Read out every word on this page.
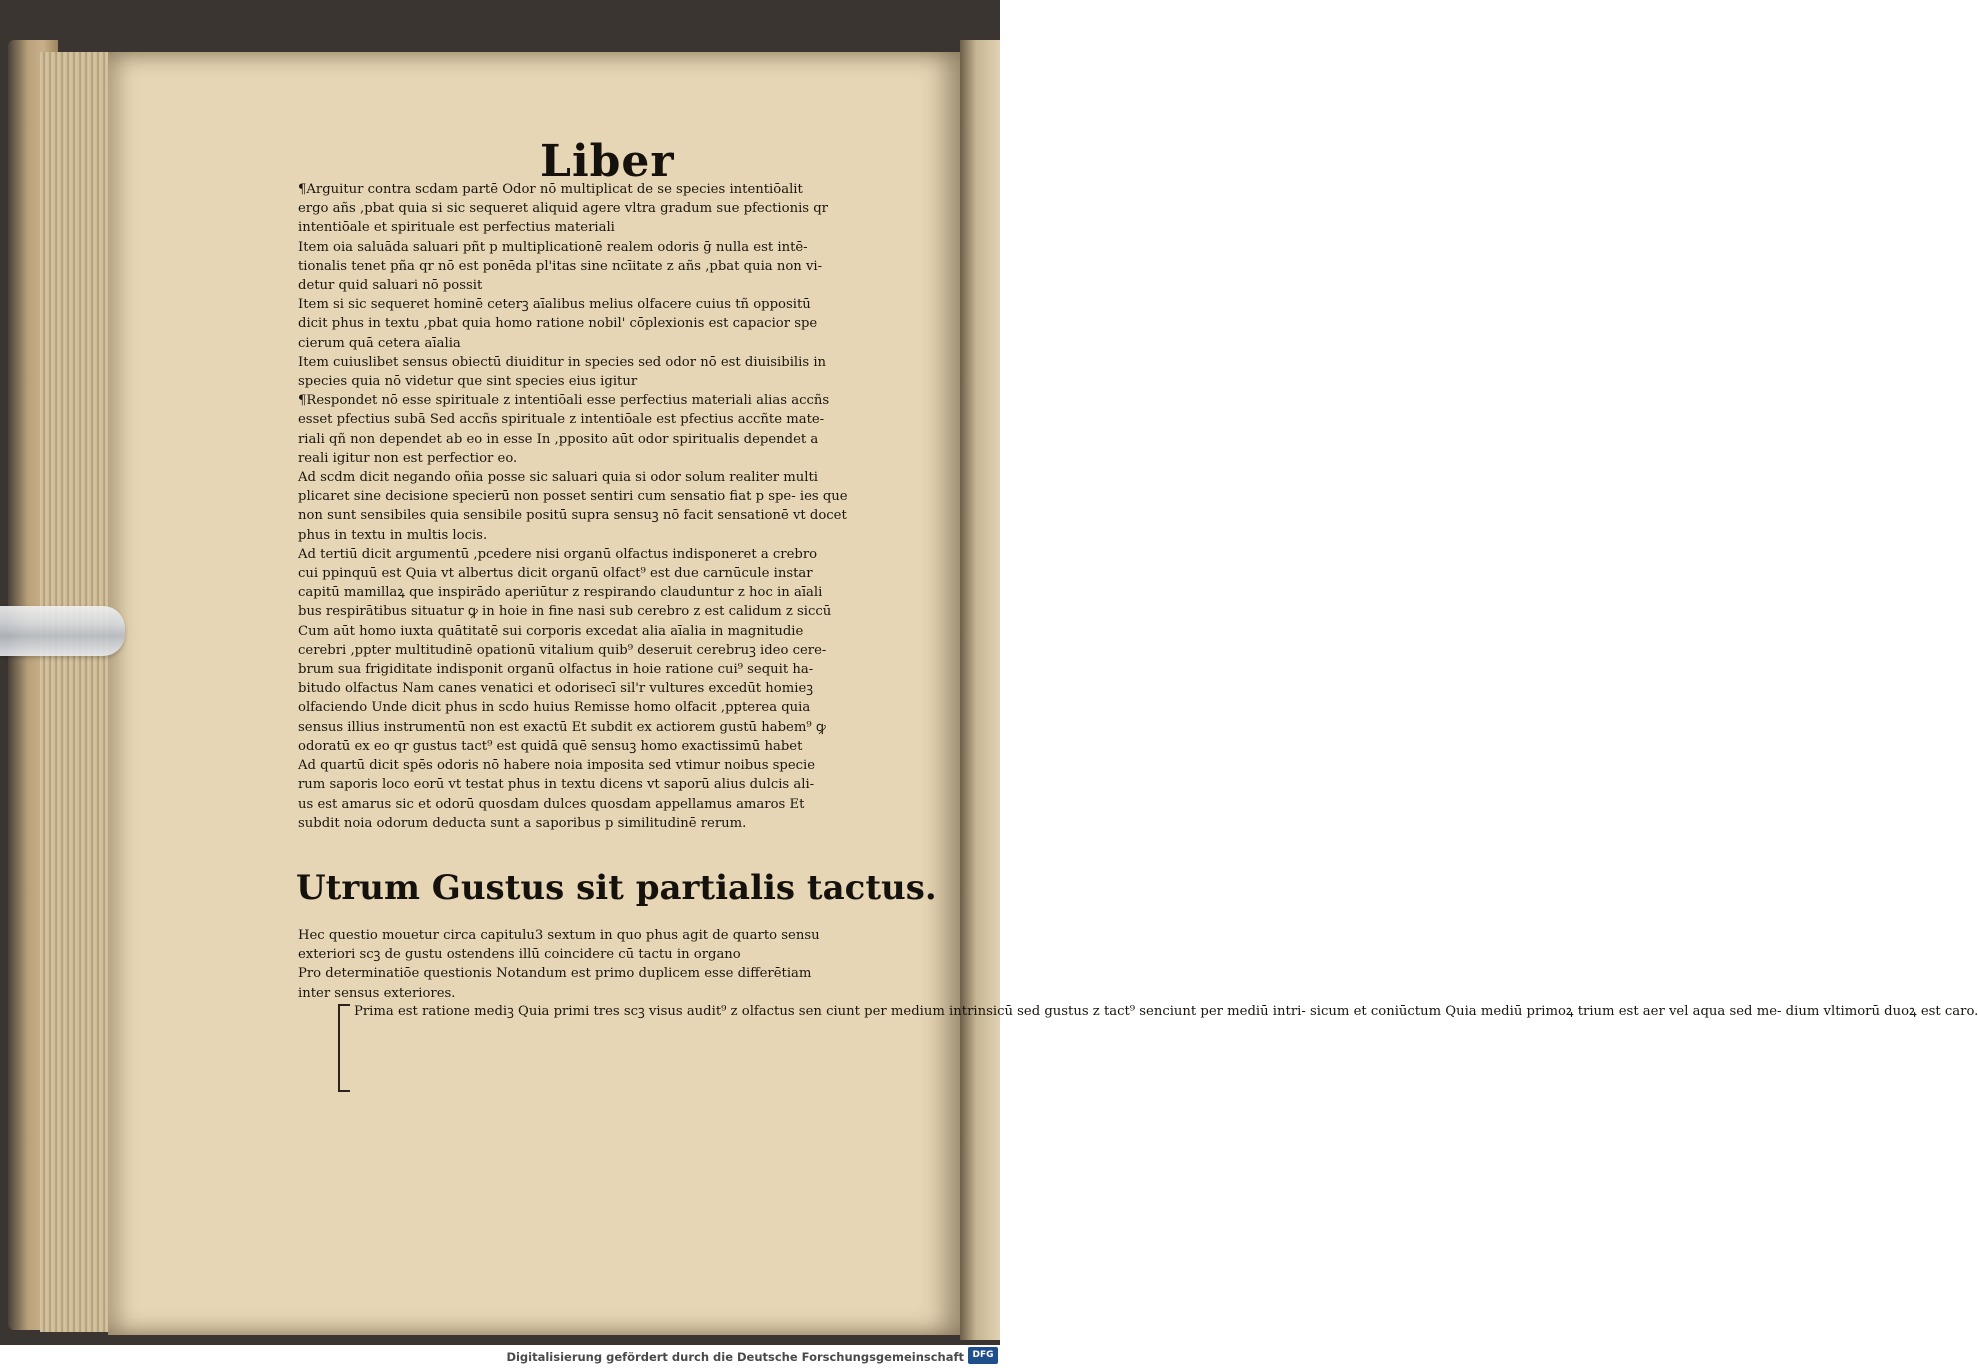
Liber
¶Arguitur contra scdam partē Odor nō multiplicat de se species intentiōalit
ergo añs ,pbat quia si sic sequeret aliquid agere vltra gradum sue pfectionis qr
intentiōale et spirituale est perfectius materiali
Item oia saluāda saluari pñt p multiplicationē realem odoris ḡ nulla est intē-
tionalis tenet pña qr nō est ponēda pl'itas sine ncīitate z añs ,pbat quia non vi-
detur quid saluari nō possit
Item si sic sequeret hominē ceterꝫ aīalibus melius olfacere cuius tñ oppositū
dicit phus in textu ,pbat quia homo ratione nobil' cōplexionis est capacior spe
cierum quā cetera aīalia
Item cuiuslibet sensus obiectū diuiditur in species sed odor nō est diuisibilis in
species quia nō videtur que sint species eius igitur
¶Respondet nō esse spirituale z intentiōali esse perfectius materiali alias accñs
esset pfectius subā Sed accñs spirituale z intentiōale est pfectius accñte mate-
riali qñ non dependet ab eo in esse In ,pposito aūt odor spiritualis dependet a
reali igitur non est perfectior eo.
Ad scdm dicit negando oñia posse sic saluari quia si odor solum realiter multi
plicaret sine decisione specierū non posset sentiri cum sensatio fiat p spe- ies que
non sunt sensibiles quia sensibile positū supra sensuꝫ nō facit sensationē vt docet
phus in textu in multis locis.
Ad tertiū dicit argumentū ,pcedere nisi organū olfactus indisponeret a crebro
cui ppinquū est Quia vt albertus dicit organū olfact⁹ est due carnūcule instar
capitū mamillaꝝ que inspirādo aperiūtur z respirando clauduntur z hoc in aīali
bus respirātibus situatur ꝙ in hoie in fine nasi sub cerebro z est calidum z siccū
Cum aūt homo iuxta quātitatē sui corporis excedat alia aīalia in magnitudie
cerebri ,ppter multitudinē opationū vitalium quib⁹ deseruit cerebruꝫ ideo cere-
brum sua frigiditate indisponit organū olfactus in hoie ratione cui⁹ sequit ha-
bitudo olfactus Nam canes venatici et odorisecī sil'r vultures excedūt homieꝫ
olfaciendo Unde dicit phus in scdo huius Remisse homo olfacit ,ppterea quia
sensus illius instrumentū non est exactū Et subdit ex actiorem gustū habem⁹ ꝙ
odoratū ex eo qr gustus tact⁹ est quidā quē sensuꝫ homo exactissimū habet
Ad quartū dicit spēs odoris nō habere noia imposita sed vtimur noibus specie
rum saporis loco eorū vt testat phus in textu dicens vt saporū alius dulcis ali-
us est amarus sic et odorū quosdam dulces quosdam appellamus amaros Et
subdit noia odorum deducta sunt a saporibus p similitudinē rerum.
Utrum Gustus sit partialis tactus.
Hec questio mouetur circa capitulu3 sextum in quo phus agit de quarto sensu
exteriori scꝫ de gustu ostendens illū coincidere cū tactu in organo
Pro determinatiōe questionis Notandum est primo duplicem esse differētiam
inter sensus exteriores.
Prima est ratione mediꝫ Quia primi tres scꝫ visus audit⁹ z olfactus sen ciunt per medium intrinsicū sed gustus z tact⁹ senciunt per mediū intri- sicum et coniūctum Quia mediū primoꝝ trium est aer vel aqua sed me- dium vltimorū duoꝝ est caro.
Digitalisierung gefördert durch die Deutsche Forschungsgemeinschaft DFG
